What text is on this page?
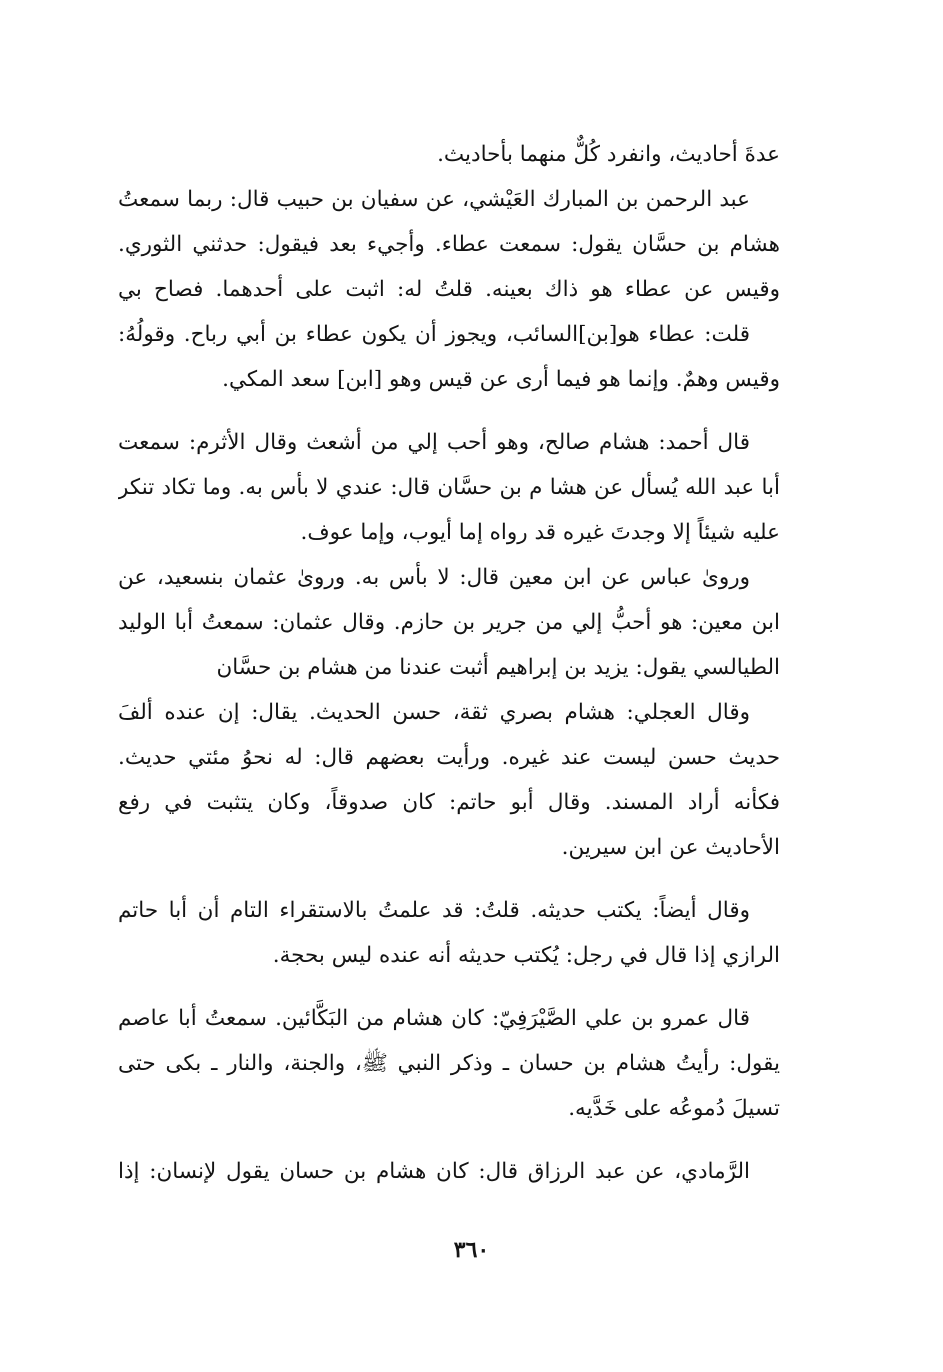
عدةَ أحاديث، وانفرد كُلٌّ منهما بأحاديث.
عبد الرحمن بن المبارك العَيْشي، عن سفيان بن حبيب قال: ربما سمعتُ
هشام بن حسَّان يقول: سمعت عطاء. وأجيء بعد فيقول: حدثني الثوري.
وقيس عن عطاء هو ذاك بعينه. قلتُ له: اثبت على أحدهما. فصاح بي
قلت: عطاء هو[بن]السائب، ويجوز أن يكون عطاء بن أبي رباح. وقولُهُ:
وقيس وهمٌ. وإنما هو فيما أرى عن قيس وهو [ابن] سعد المكي.
قال أحمد: هشام صالح، وهو أحب إلي من أشعث وقال الأثرم: سمعت
أبا عبد الله يُسأل عن هشا م بن حسَّان قال: عندي لا بأس به. وما تكاد تنكر
عليه شيئاً إلا وجدتَ غيره قد رواه إما أيوب، وإما عوف.
وروىٰ عباس عن ابن معين قال: لا بأس به. وروىٰ عثمان بنسعيد، عن
ابن معين: هو أحبُّ إلي من جرير بن حازم. وقال عثمان: سمعتُ أبا الوليد
الطيالسي يقول: يزيد بن إبراهيم أثبت عندنا من هشام بن حسَّان
وقال العجلي: هشام بصري ثقة، حسن الحديث. يقال: إن عنده ألفَ
حديث حسن ليست عند غيره. ورأيت بعضهم قال: له نحوُ مئتي حديث.
فكأنه أراد المسند. وقال أبو حاتم: كان صدوقاً، وكان يتثبت في رفع
الأحاديث عن ابن سيرين.
وقال أيضاً: يكتب حديثه. قلتُ: قد علمتُ بالاستقراء التام أن أبا حاتم
الرازي إذا قال في رجل: يُكتب حديثه أنه عنده ليس بحجة.
قال عمرو بن علي الصَّيْرَفِيّ: كان هشام من البَكَّائين. سمعتُ أبا عاصم
يقول: رأيتُ هشام بن حسان ـ وذكر النبي ﷺ، والجنة، والنار ـ بكى حتى
تسيلَ دُموعُه على خَدَّيه.
الرَّمادي، عن عبد الرزاق قال: كان هشام بن حسان يقول لإنسان: إذا
٣٦٠
